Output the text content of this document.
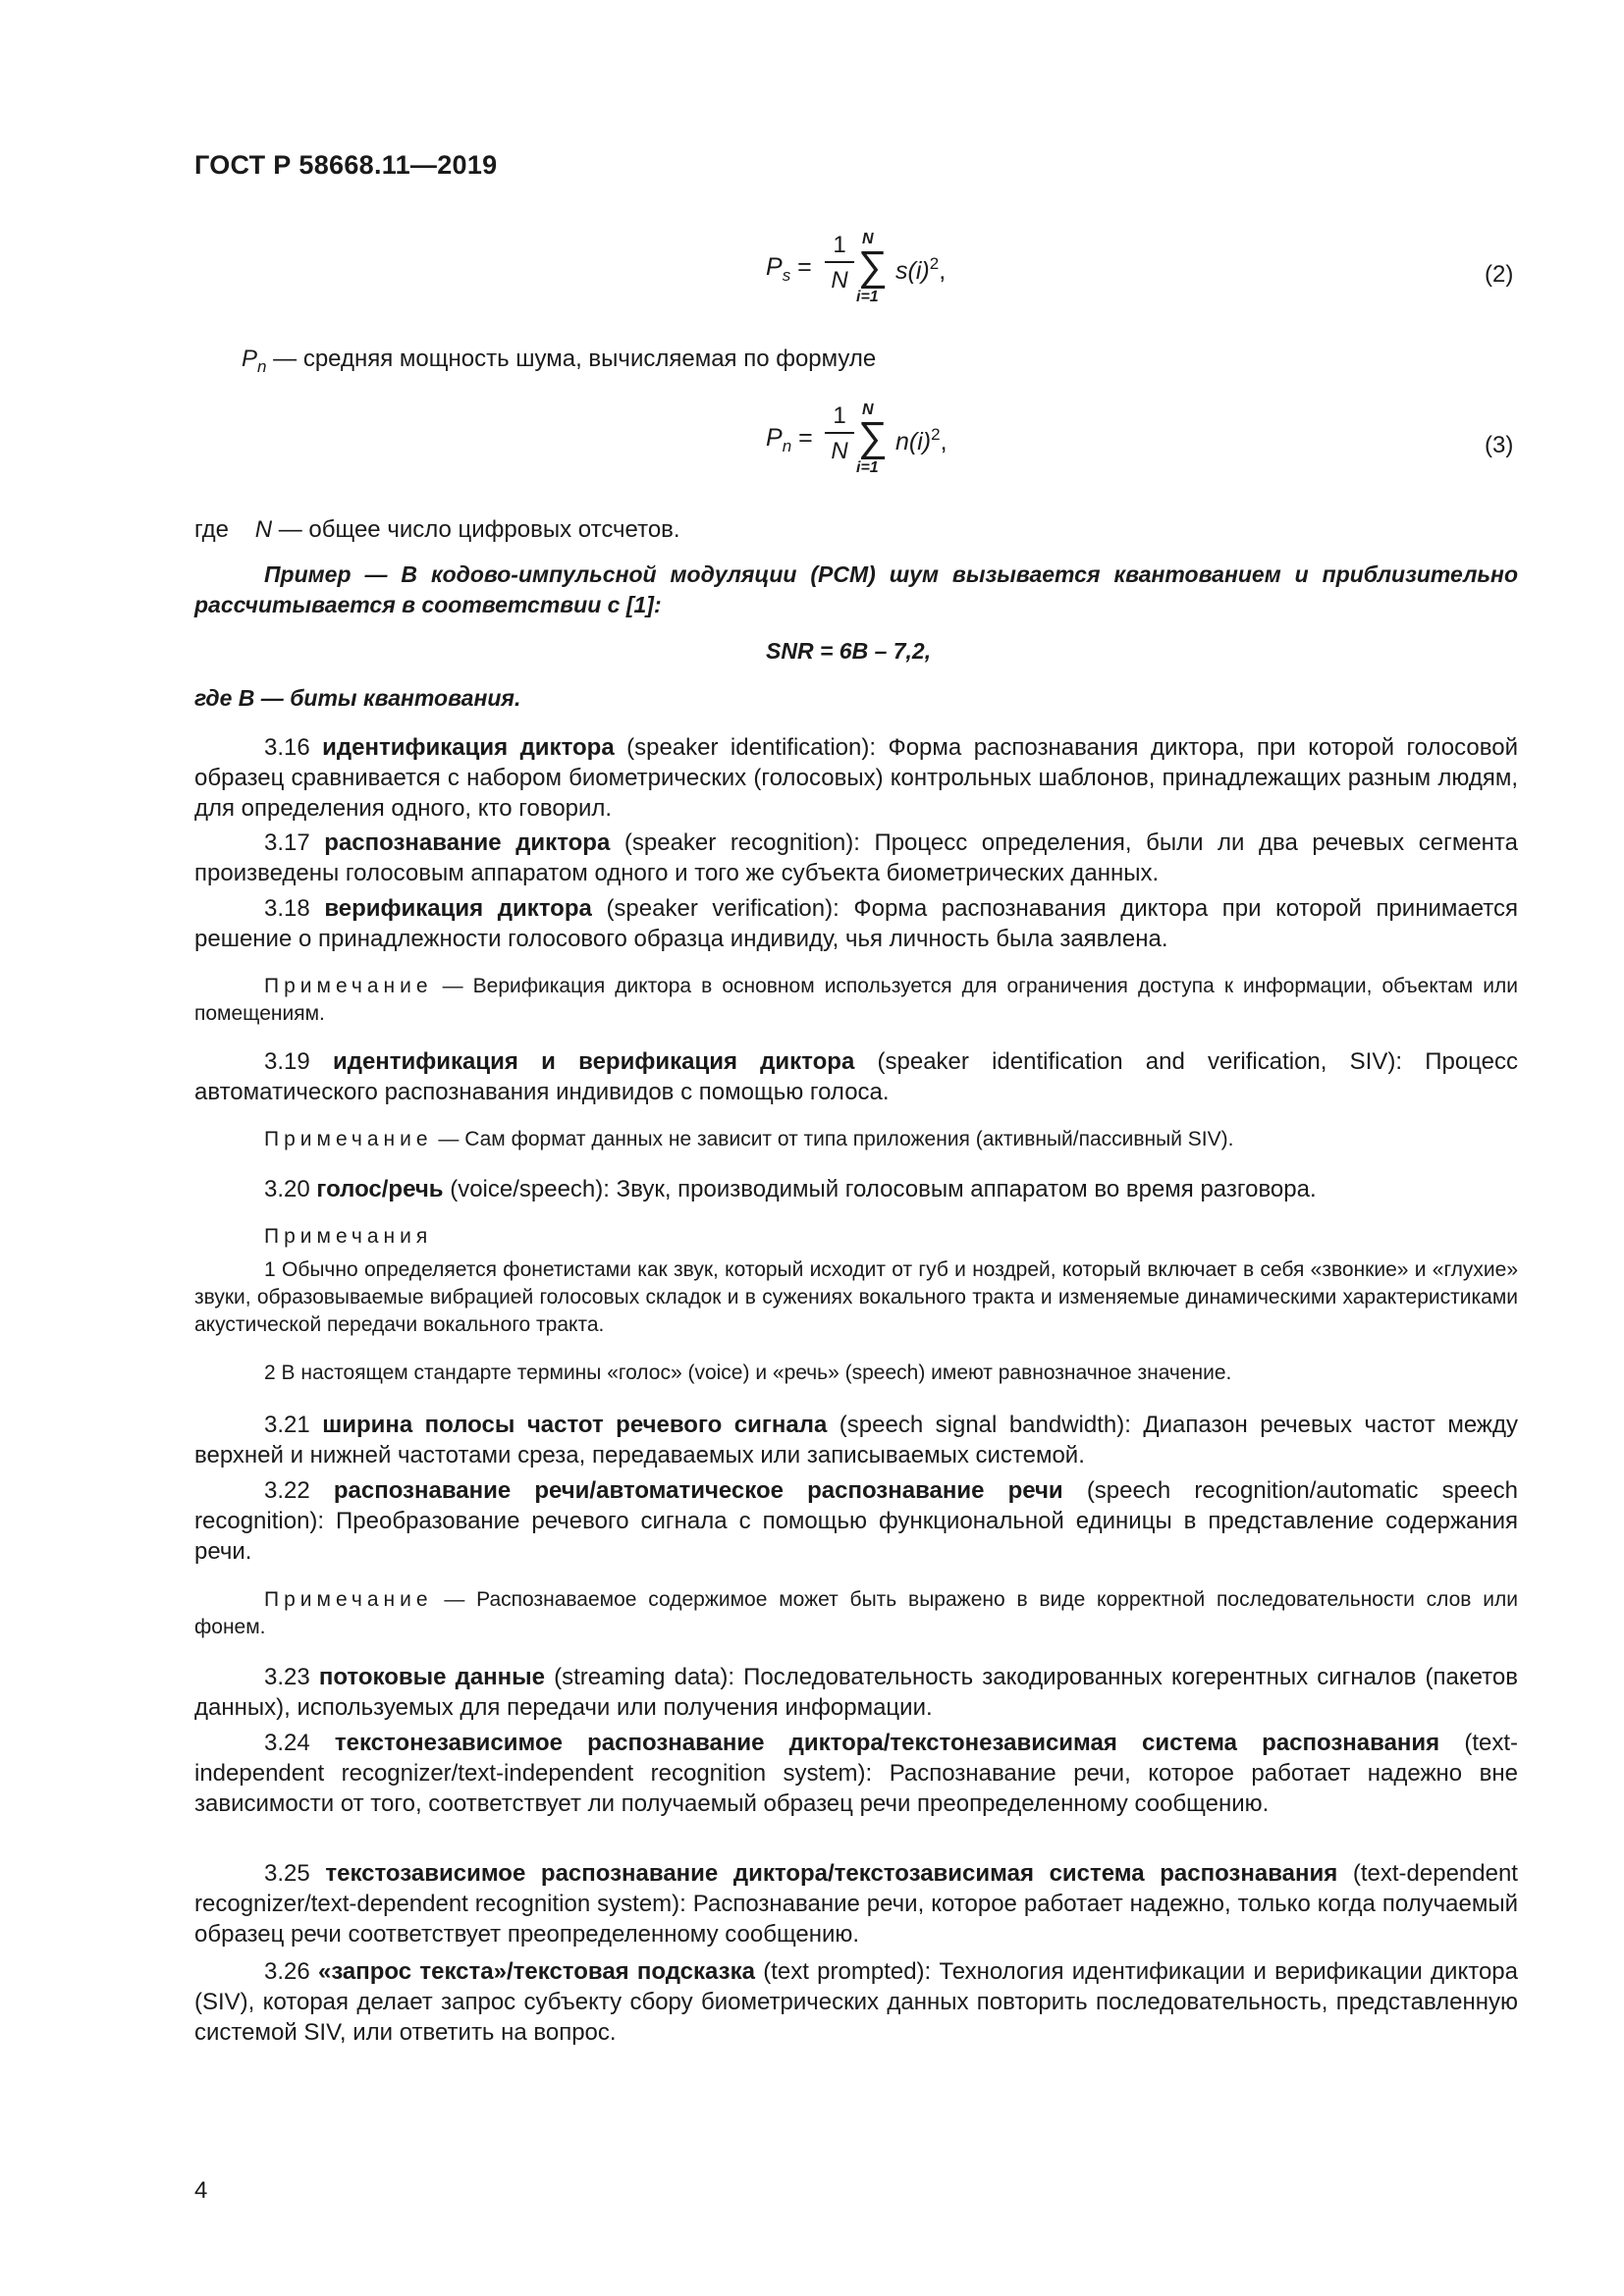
ГОСТ Р 58668.11—2019
$P_s$ =
1
N
N
∑
i=1
$s(i)^2$,	(2)
$P_n$ — средняя мощность шума, вычисляемая по формуле
$P_n$ =
1
N
N
∑
i=1
$n(i)^2$,	(3)
где N — общее число цифровых отсчетов.
Пример — В кодово-импульсной модуляции (PCM) шум вызывается квантованием и приблизительно рассчитывается в соответствии с [1]:
SNR = 6B – 7,2,
где B — биты квантования.
3.16 идентификация диктора (speaker identification): Форма распознавания диктора, при которой голосовой образец сравнивается с набором биометрических (голосовых) контрольных шаблонов, принадлежащих разным людям, для определения одного, кто говорил.
3.17 распознавание диктора (speaker recognition): Процесс определения, были ли два речевых сегмента произведены голосовым аппаратом одного и того же субъекта биометрических данных.
3.18 верификация диктора (speaker verification): Форма распознавания диктора при которой принимается решение о принадлежности голосового образца индивиду, чья личность была заявлена.
Примечание — Верификация диктора в основном используется для ограничения доступа к информации, объектам или помещениям.
3.19 идентификация и верификация диктора (speaker identification and verification, SIV): Процесс автоматического распознавания индивидов с помощью голоса.
Примечание — Сам формат данных не зависит от типа приложения (активный/пассивный SIV).
3.20 голос/речь (voice/speech): Звук, производимый голосовым аппаратом во время разговора.
Примечания
1 Обычно определяется фонетистами как звук, который исходит от губ и ноздрей, который включает в себя «звонкие» и «глухие» звуки, образовываемые вибрацией голосовых складок и в сужениях вокального тракта и изменяемые динамическими характеристиками акустической передачи вокального тракта.
2 В настоящем стандарте термины «голос» (voice) и «речь» (speech) имеют равнозначное значение.
3.21 ширина полосы частот речевого сигнала (speech signal bandwidth): Диапазон речевых частот между верхней и нижней частотами среза, передаваемых или записываемых системой.
3.22 распознавание речи/автоматическое распознавание речи (speech recognition/automatic speech recognition): Преобразование речевого сигнала с помощью функциональной единицы в представление содержания речи.
Примечание — Распознаваемое содержимое может быть выражено в виде корректной последовательности слов или фонем.
3.23 потоковые данные (streaming data): Последовательность закодированных когерентных сигналов (пакетов данных), используемых для передачи или получения информации.
3.24 текстонезависимое распознавание диктора/текстонезависимая система распознавания (text-independent recognizer/text-independent recognition system): Распознавание речи, которое работает надежно вне зависимости от того, соответствует ли получаемый образец речи преопределенному сообщению.
3.25 текстозависимое распознавание диктора/текстозависимая система распознавания (text-dependent recognizer/text-dependent recognition system): Распознавание речи, которое работает надежно, только когда получаемый образец речи соответствует преопределенному сообщению.
3.26 «запрос текста»/текстовая подсказка (text prompted): Технология идентификации и верификации диктора (SIV), которая делает запрос субъекту сбору биометрических данных повторить последовательность, представленную системой SIV, или ответить на вопрос.
4
